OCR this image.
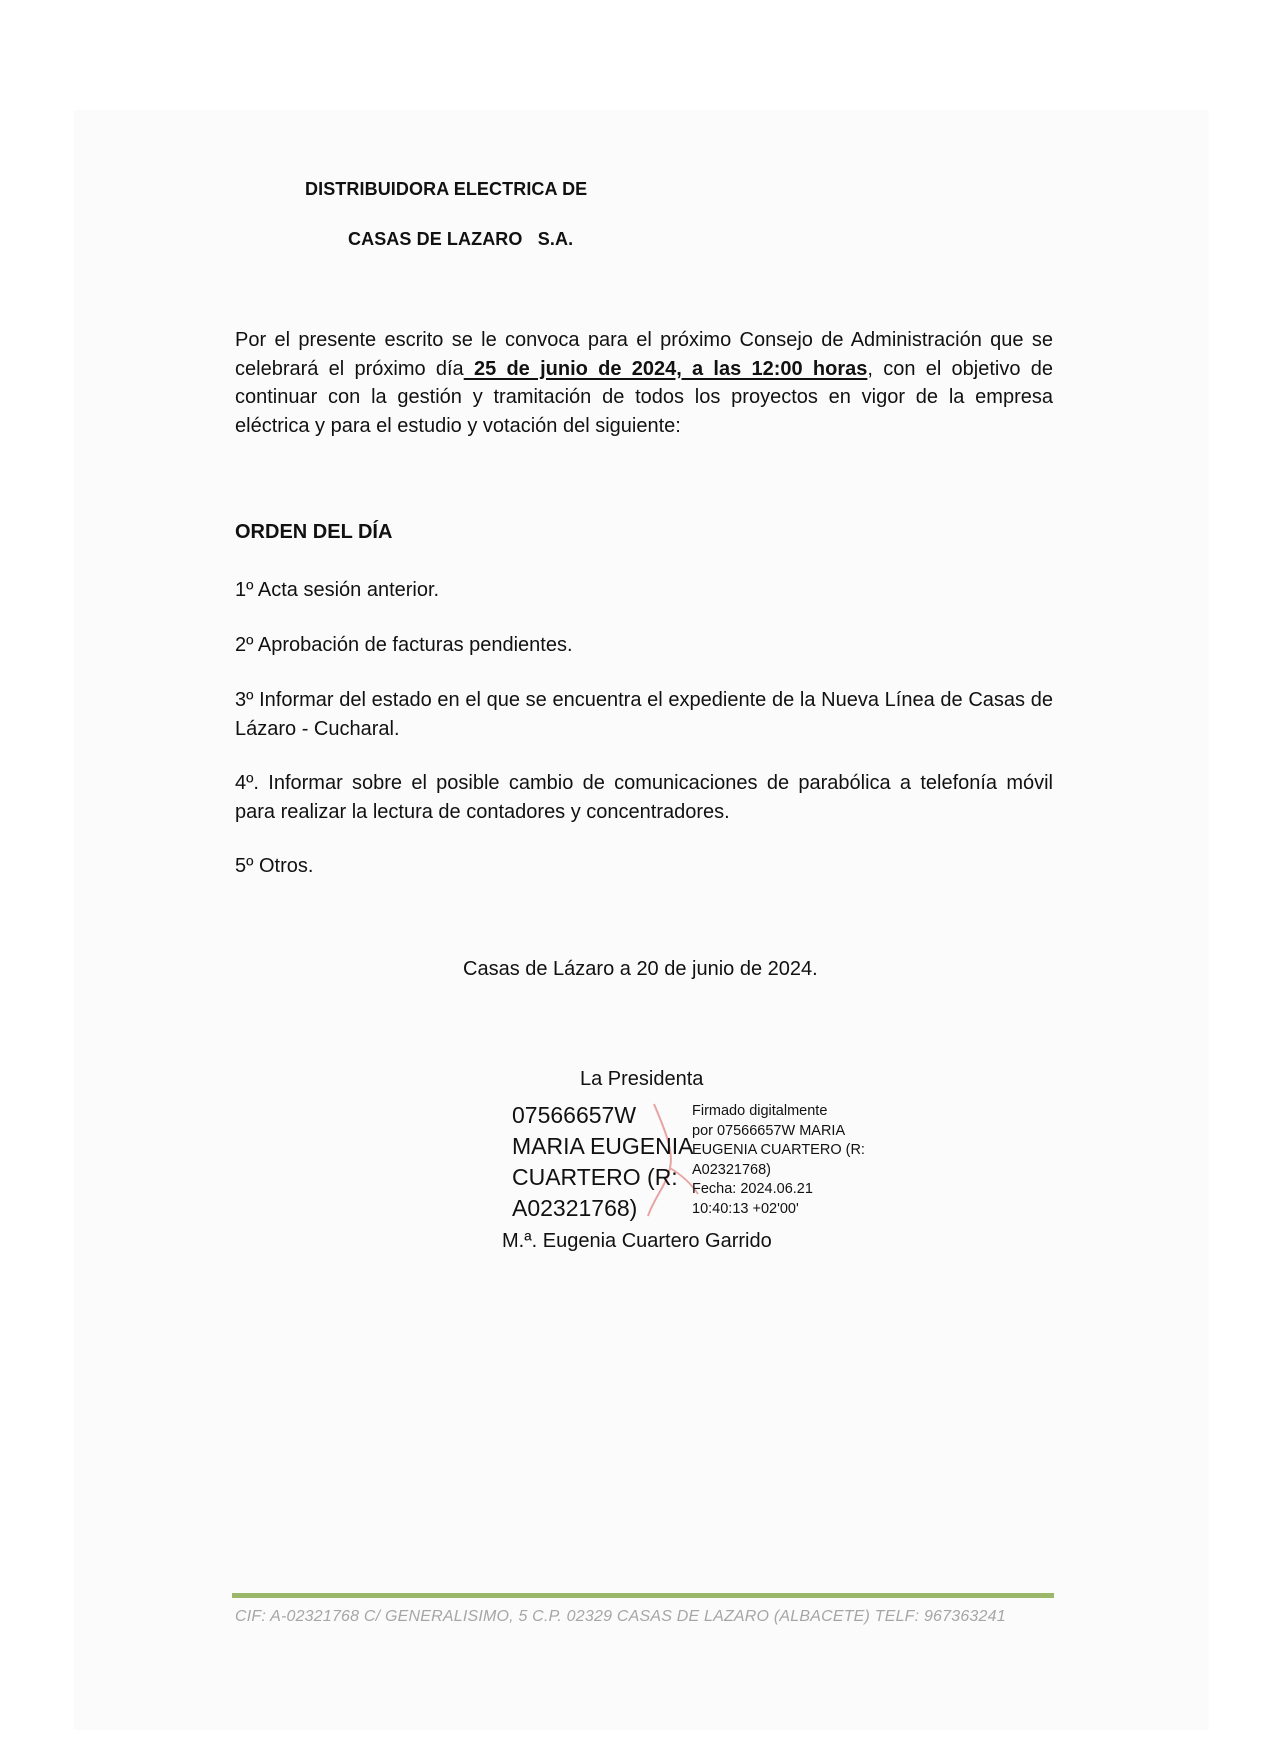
DISTRIBUIDORA ELECTRICA DE

CASAS DE LAZARO   S.A.

Por el presente escrito se le convoca para el próximo Consejo de Administración que se celebrará el próximo día 25 de junio de 2024, a las 12:00 horas, con el objetivo de continuar con la gestión y tramitación de todos los proyectos en vigor de la empresa eléctrica y para el estudio y votación del siguiente:

ORDEN DEL DÍA

1º Acta sesión anterior.

2º Aprobación de facturas pendientes.

3º Informar del estado en el que se encuentra el expediente de la Nueva Línea de Casas de Lázaro - Cucharal.

4º. Informar sobre el posible cambio de comunicaciones de parabólica a telefonía móvil para realizar la lectura de contadores y concentradores.

5º Otros.

Casas de Lázaro a 20 de junio de 2024.

La Presidenta

07566657W
MARIA EUGENIA
CUARTERO (R:
A02321768)
Firmado digitalmente
por 07566657W MARIA
EUGENIA CUARTERO (R:
A02321768)
Fecha: 2024.06.21
10:40:13 +02'00'

M.ª. Eugenia Cuartero Garrido

CIF: A-02321768 C/ GENERALISIMO, 5 C.P. 02329 CASAS DE LAZARO (ALBACETE) TELF: 967363241
